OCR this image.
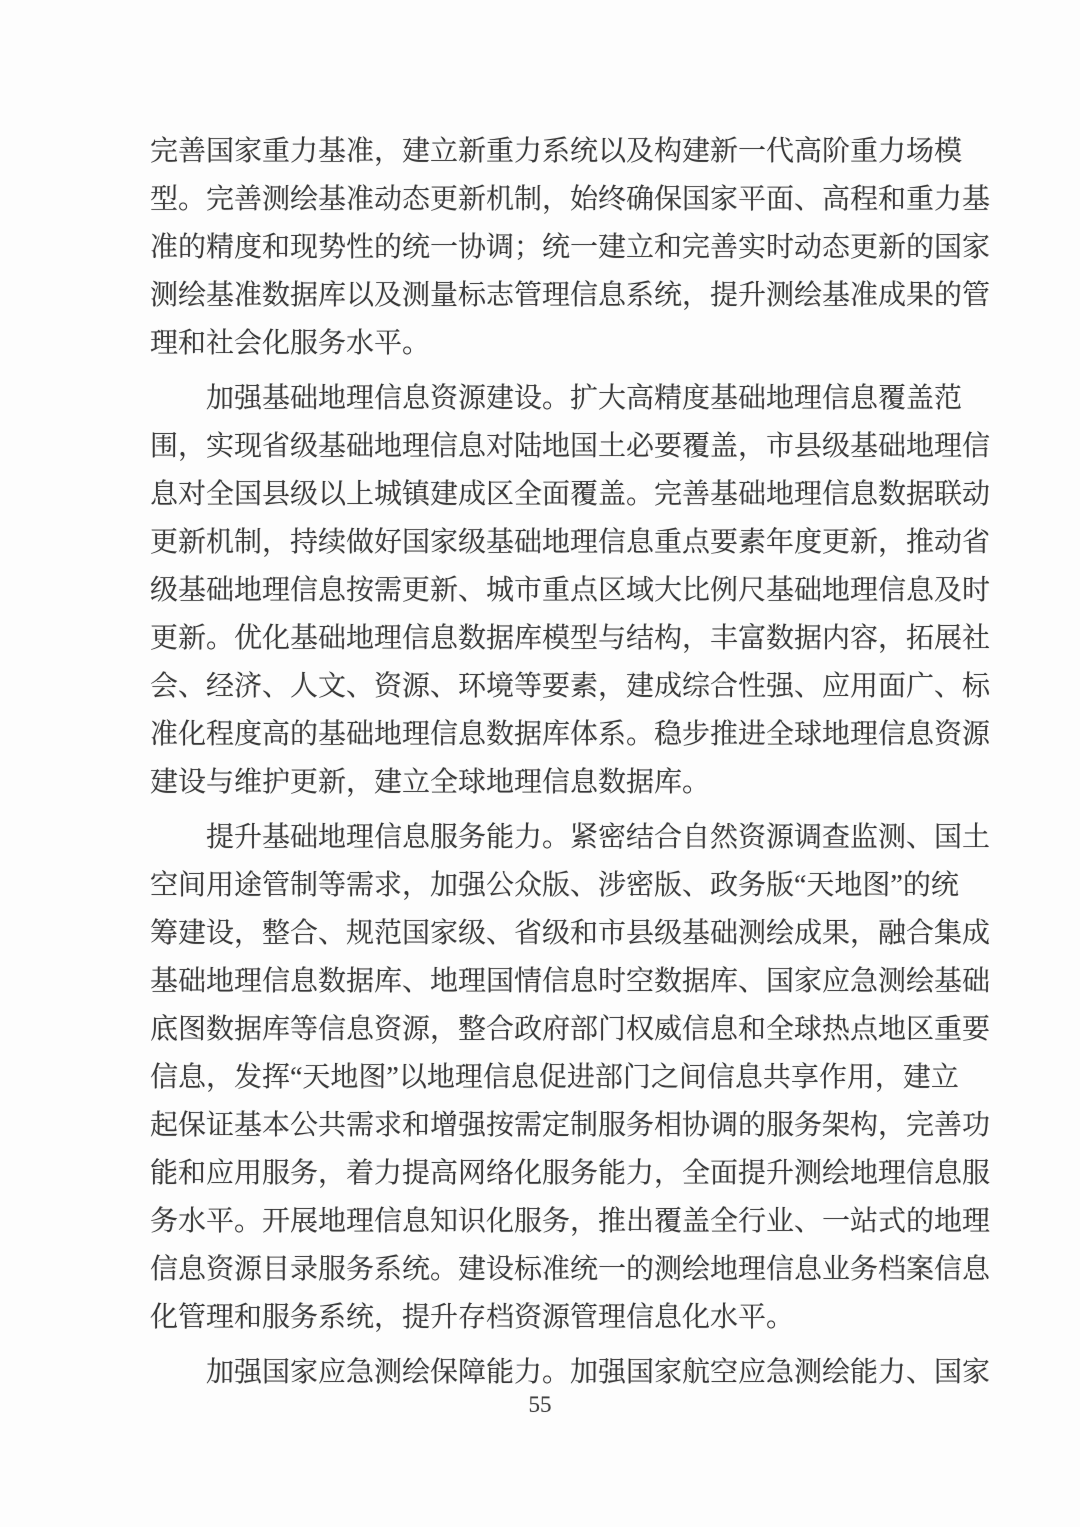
完善国家重力基准，建立新重力系统以及构建新一代高阶重力场模
型。完善测绘基准动态更新机制，始终确保国家平面、高程和重力基
准的精度和现势性的统一协调；统一建立和完善实时动态更新的国家
测绘基准数据库以及测量标志管理信息系统，提升测绘基准成果的管
理和社会化服务水平。
加强基础地理信息资源建设。扩大高精度基础地理信息覆盖范
围，实现省级基础地理信息对陆地国土必要覆盖，市县级基础地理信
息对全国县级以上城镇建成区全面覆盖。完善基础地理信息数据联动
更新机制，持续做好国家级基础地理信息重点要素年度更新，推动省
级基础地理信息按需更新、城市重点区域大比例尺基础地理信息及时
更新。优化基础地理信息数据库模型与结构，丰富数据内容，拓展社
会、经济、人文、资源、环境等要素，建成综合性强、应用面广、标
准化程度高的基础地理信息数据库体系。稳步推进全球地理信息资源
建设与维护更新，建立全球地理信息数据库。
提升基础地理信息服务能力。紧密结合自然资源调查监测、国土
空间用途管制等需求，加强公众版、涉密版、政务版“天地图”的统
筹建设，整合、规范国家级、省级和市县级基础测绘成果，融合集成
基础地理信息数据库、地理国情信息时空数据库、国家应急测绘基础
底图数据库等信息资源，整合政府部门权威信息和全球热点地区重要
信息，发挥“天地图”以地理信息促进部门之间信息共享作用，建立
起保证基本公共需求和增强按需定制服务相协调的服务架构，完善功
能和应用服务，着力提高网络化服务能力，全面提升测绘地理信息服
务水平。开展地理信息知识化服务，推出覆盖全行业、一站式的地理
信息资源目录服务系统。建设标准统一的测绘地理信息业务档案信息
化管理和服务系统，提升存档资源管理信息化水平。
加强国家应急测绘保障能力。加强国家航空应急测绘能力、国家
55
